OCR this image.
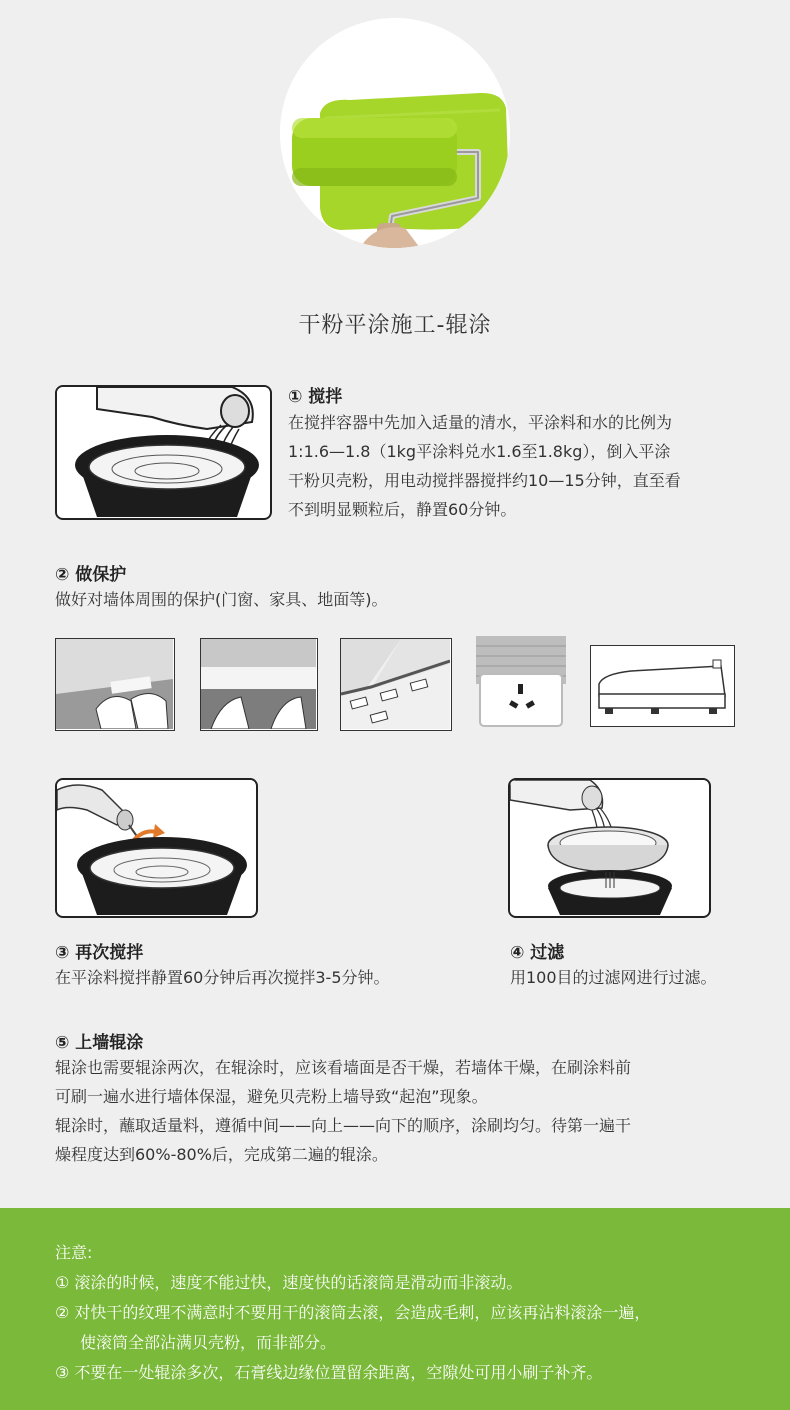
干粉平涂施工-辊涂
① 搅拌
在搅拌容器中先加入适量的清水，平涂料和水的比例为
1:1.6—1.8（1kg平涂料兑水1.6至1.8kg），倒入平涂
干粉贝壳粉，用电动搅拌器搅拌约10—15分钟，直至看
不到明显颗粒后，静置60分钟。
② 做保护
做好对墙体周围的保护(门窗、家具、地面等)。
③ 再次搅拌
在平涂料搅拌静置60分钟后再次搅拌3-5分钟。
④ 过滤
用100目的过滤网进行过滤。
⑤ 上墙辊涂
辊涂也需要辊涂两次，在辊涂时，应该看墙面是否干燥，若墙体干燥，在刷涂料前
可刷一遍水进行墙体保湿，避免贝壳粉上墙导致“起泡”现象。
辊涂时，蘸取适量料，遵循中间——向上——向下的顺序，涂刷均匀。待第一遍干
燥程度达到60%-80%后，完成第二遍的辊涂。
注意:
① 滚涂的时候，速度不能过快，速度快的话滚筒是滑动而非滚动。
② 对快干的纹理不满意时不要用干的滚筒去滚，会造成毛刺，应该再沾料滚涂一遍，
使滚筒全部沾满贝壳粉，而非部分。
③ 不要在一处辊涂多次，石膏线边缘位置留余距离，空隙处可用小刷子补齐。
